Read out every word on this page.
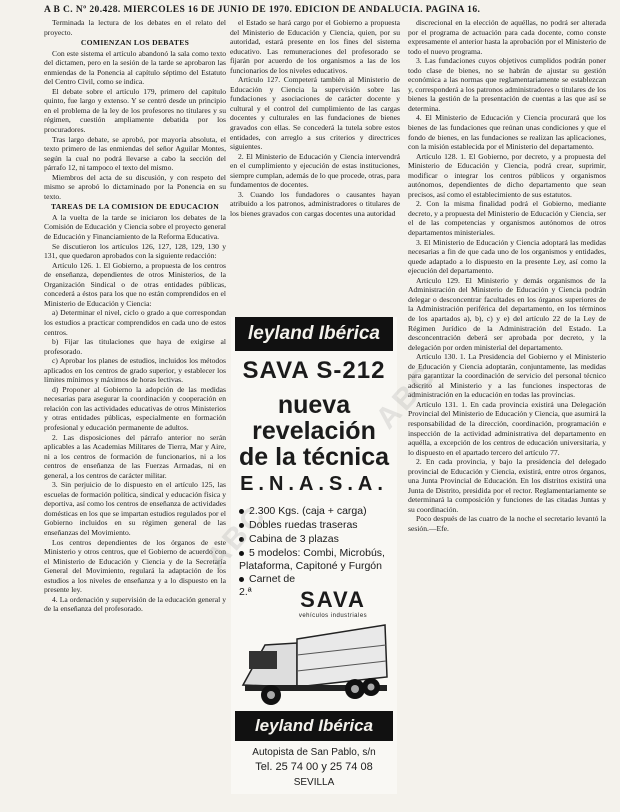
A B C. Nº 20.428. MIERCOLES 16 DE JUNIO DE 1970. EDICION DE ANDALUCIA. PAGINA 16.

Terminada la lectura de los debates en el relato del proyecto.

COMIENZAN LOS DEBATES

Con este sistema el artículo abandonó la sala como texto del dictamen, pero en la sesión de la tarde se aprobaron las enmiendas de la Ponencia al capítulo séptimo del Estatuto del Centro Civil, como se indica.

El debate sobre el artículo 179, primero del capítulo quinto, fue largo y extenso. Y se centró desde un principio en el problema de la ley de los profesores no titulares y su régimen, cuestión ampliamente debatida por los procuradores.

Tras largo debate, se aprobó, por mayoría absoluta, el texto primero de las enmiendas del señor Aguilar Montes, según la cual no podrá llevarse a cabo la sección del párrafo 12, ni tampoco el texto del mismo.

Miembros del acta de su discusión, y con respeto del mismo se aprobó lo dictaminado por la Ponencia en su texto.

TAREAS DE LA COMISION DE EDUCACION

A la vuelta de la tarde se iniciaron los debates de la Comisión de Educación y Ciencia sobre el proyecto general de Educación y Financiamiento de la Reforma Educativa.

Se discutieron los artículos 126, 127, 128, 129, 130 y 131, que quedaron aprobados con la siguiente redacción:

Artículo 126. 1. El Gobierno, a propuesta de los centros de enseñanza, dependientes de otros Ministerios, de la Organización Sindical o de otras entidades públicas, concederá a éstos para los que no están comprendidos en el Ministerio de Educación y Ciencia:

a) Determinar el nivel, ciclo o grado a que correspondan los estudios a practicar comprendidos en cada uno de estos centros.

b) Fijar las titulaciones que haya de exigirse al profesorado.

c) Aprobar los planes de estudios, incluidos los métodos aplicados en los centros de grado superior, y establecer los límites mínimos y máximos de horas lectivas.

d) Proponer al Gobierno la adopción de las medidas necesarias para asegurar la coordinación y cooperación en relación con las actividades educativas de otros Ministerios y otras entidades públicas, especialmente en formación profesional y educación permanente de adultos.

2. Las disposiciones del párrafo anterior no serán aplicables a las Academias Militares de Tierra, Mar y Aire, ni a los centros de formación de funcionarios, ni a los centros de enseñanza de las Fuerzas Armadas, ni en general, a los centros de carácter militar.

3. Sin perjuicio de lo dispuesto en el artículo 125, las escuelas de formación política, sindical y educación física y deportiva, así como los centros de enseñanza de actividades domésticas en los que se impartan estudios regulados por el Gobierno incluidos en su régimen general de las enseñanzas del Movimiento.

Los centros dependientes de los órganos de este Ministerio y otros centros, que el Gobierno de acuerdo con el Ministerio de Educación y Ciencia y de la Secretaría General del Movimiento, regulará la adaptación de los estudios a los niveles de enseñanza y a lo dispuesto en la presente ley.

4. La ordenación y supervisión de la educación general y de la enseñanza del profesorado.

el Estado se hará cargo por el Gobierno a propuesta del Ministerio de Educación y Ciencia, quien, por su autoridad, estará presente en los fines del sistema educativo. Las remuneraciones del profesorado se fijarán por acuerdo de los organismos a las de los funcionarios de los niveles educativos.

Artículo 127. Competerá también al Ministerio de Educación y Ciencia la supervisión sobre las fundaciones y asociaciones de carácter docente y cultural y el control del cumplimiento de las cargas docentes y culturales en las fundaciones de bienes gravados con ellas. Se concederá la tutela sobre estos entidades, con arreglo a sus criterios y directrices siguientes.

2. El Ministerio de Educación y Ciencia intervendrá en el cumplimiento y ejecución de estas instituciones, siempre cumplan, además de lo que procede, otras, para fundamentos de docentes.

3. Cuando los fundadores o causantes hayan atribuido a los patronos, administradores o titulares de los bienes gravados con cargas docentes una autoridad

discrecional en la elección de aquéllas, no podrá ser alterada por el programa de actuación para cada docente, como conste expresamente el anterior hasta la aprobación por el Ministerio de todo el nuevo programa.

3. Las fundaciones cuyos objetivos cumplidos podrán poner todo clase de bienes, no se habrán de ajustar su gestión económica a las normas que reglamentariamente se establezcan y, corresponderá a los patronos administradores o titulares de los bienes la gestión de la presentación de cuentas a las que así se determina.

4. El Ministerio de Educación y Ciencia procurará que los bienes de las fundaciones que reúnan unas condiciones y que el fondo de bienes, en las fundaciones se realizan las aplicaciones, con la misión establecida por el Ministerio del departamento.

Artículo 128. 1. El Gobierno, por decreto, y a propuesta del Ministerio de Educación y Ciencia, podrá crear, suprimir, modificar o integrar los centros públicos y organismos autónomos, dependientes de dicho departamento que sean precisos, así como el establecimiento de sus estatutos.

2. Con la misma finalidad podrá el Gobierno, mediante decreto, y a propuesta del Ministerio de Educación y Ciencia, ser el de las competencias y organismos autónomos de otros departamentos ministeriales.

3. El Ministerio de Educación y Ciencia adoptará las medidas necesarias a fin de que cada uno de los organismos y entidades, quede adaptado a lo dispuesto en la presente Ley, así como la ejecución del departamento.

Artículo 129. El Ministerio y demás organismos de la Administración del Ministerio de Educación y Ciencia podrán delegar o desconcentrar facultades en los órganos superiores de la Administración periférica del departamento, en los términos de los apartados a), b), c) y e) del artículo 22 de la Ley de Régimen Jurídico de la Administración del Estado. La desconcentración deberá ser aprobada por decreto, y la delegación por orden ministerial del departamento.

Artículo 130. 1. La Presidencia del Gobierno y el Ministerio de Educación y Ciencia adoptarán, conjuntamente, las medidas para garantizar la coordinación de servicio del personal técnico adscrito al Ministerio y a las funciones inspectoras de administración en la educación en todas las provincias.

Artículo 131. 1. En cada provincia existirá una Delegación Provincial del Ministerio de Educación y Ciencia, que asumirá la responsabilidad de la dirección, coordinación, programación e inspección de la actividad administrativa del departamento en aquélla, a excepción de los centros de educación universitaria, y lo dispuesto en el apartado tercero del artículo 77.

2. En cada provincia, y bajo la presidencia del delegado provincial de Educación y Ciencia, existirá, entre otros órganos, una Junta Provincial de Educación. En los distritos existirá una Junta de Distrito, presidida por el rector. Reglamentariamente se determinará la composición y funciones de las citadas Juntas y su coordinación.

Poco después de las cuatro de la noche el secretario levantó la sesión.—Efe.

leyland Ibérica
SAVA S-212
nueva
revelación
de la técnica
E.N.A.S.A.
2.300 Kgs. (caja + carga)
Dobles ruedas traseras
Cabina de 3 plazas
5 modelos: Combi, Microbús, Plataforma, Capitoné y Furgón
Carnet de 2.ª	SAVA
vehículos industriales
leyland Ibérica
Autopista de San Pablo, s/n
Tel. 25 74 00 y 25 74 08
SEVILLA
ABC
ABC
